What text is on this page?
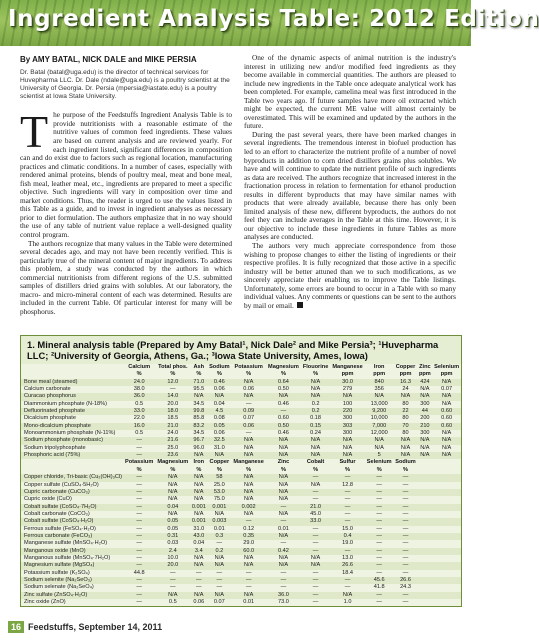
Ingredient Analysis Table: 2012 Edition
By AMY BATAL, NICK DALE and MIKE PERSIA
Dr. Batal (batal@uga.edu) is the director of technical services for Huvepharma LLC. Dr. Dale (ndale@uga.edu) is a poultry scientist at the University of Georgia. Dr. Persia (mpersia@iastate.edu) is a poultry scientist at Iowa State University.

The purpose of the Feedstuffs Ingredient Analysis Table is to provide nutritionists with a reasonable estimate of the nutritive values of common feed ingredients. These values are based on current analysis and are reviewed yearly. For each ingredient listed, significant differences in composition can and do exist due to factors such as regional location, manufacturing practices and climatic conditions. In a number of cases, especially with rendered animal proteins, blends of poultry meal, meat and bone meal, fish meal, leather meal, etc., ingredients are prepared to meet a specific objective. Such ingredients will vary in composition over time and market conditions. Thus, the reader is urged to use the values listed in this Table as a guide, and to invest in ingredient analyses as necessary prior to diet formulation. The authors emphasize that in no way should the use of any table of nutrient value replace a well-designed quality control program.

The authors recognize that many values in the Table were determined several decades ago, and may not have been recently verified. This is particularly true of the mineral content of major ingredients. To address this problem, a study was conducted by the authors in which commercial nutritionists from different regions of the U.S. submitted samples of distillers dried grains with solubles. At our laboratory, the macro- and micro-mineral content of each was determined. Results are included in the current Table. Of particular interest for many will be phosphorus.

One of the dynamic aspects of animal nutrition is the industry's interest in utilizing new and/or modified feed ingredients as they become available in commercial quantities. The authors are pleased to include new ingredients in the Table once adequate analytical work has been completed. For example, camelina meal was first introduced in the Table two years ago. If future samples have more oil extracted which might be expected, the current ME value will almost certainly be overestimated. This will be examined and updated by the authors in the future.

During the past several years, there have been marked changes in several ingredients. The tremendous interest in biofuel production has led to an effort to characterize the nutrient profile of a number of novel byproducts in addition to corn dried distillers grains plus solubles. We have and will continue to update the nutrient profile of such ingredients as data are received. The authors recognize that increased interest in the fractionation process in relation to fermentation for ethanol production results in different byproducts that may have similar names with products that were already available, because there has only been limited analysis of these new, different byproducts, the authors do not feel they can include averages in the Table at this time. However, it is our objective to include these ingredients in future Tables as more analyses are conducted.

The authors very much appreciate correspondence from those wishing to propose changes to either the listing of ingredients or their respective profiles. It is fully recognized that those active in a specific industry will be better attuned than we to such modifications, as we sincerely appreciate their enabling us to improve the Table listings. Unfortunately, some errors are bound to occur in a Table with so many individual values. Any comments or questions can be sent to the authors by mail or email.

1. Mineral analysis table (Prepared by Amy Batal¹, Nick Dale² and Mike Persia³; ¹Huvepharma LLC; ²University of Georgia, Athens, Ga.; ³Iowa State University, Ames, Iowa)
	Calcium	Total phos.	Ash	Sodium	Potassium	Magnesium	Flouorine	Manganese	Iron	Copper	Zinc	Selenium
	%	%	%	%	%	%	%	ppm	ppm	ppm	ppm	ppm
Bone meal (steamed)	24.0	12.0	71.0	0.46	N/A	0.64	N/A	30.0	840	16.3	424	N/A
Calcium carbonate	38.0	—	95.5	0.06	0.06	0.50	N/A	279	356	24	N/A	0.07
Curacao phosphorus	36.0	14.0	N/A	N/A	N/A	N/A	N/A	N/A	N/A	N/A	N/A	N/A
Diammonium phosphate (N-18%)	0.5	20.0	34.5	0.04	—	0.46	0.2	100	13,000	80	300	N/A
Defluorinated phosphate	33.0	18.0	99.8	4.5	0.09	—	0.2	220	9,200	22	44	0.60
Dicalcium phosphate	22.0	18.5	85.8	0.08	0.07	0.60	0.18	300	10,000	80	200	0.60
Mono-dicalcium phosphate	16.0	21.0	83.2	0.05	0.06	0.50	0.15	303	7,000	70	210	0.60
Monoammonium phosphate (N-11%)	0.5	24.0	34.5	0.06	—	0.46	0.24	300	12,000	80	300	N/A
Sodium phosphate (monobasic)	—	21.6	96.7	32.5	N/A	N/A	N/A	N/A	N/A	N/A	N/A	N/A
Sodium tripolyphosphate	—	25.0	96.0	31.0	N/A	N/A	N/A	N/A	N/A	N/A	N/A	N/A
Phosphoric acid (75%)	—	23.6	N/A	N/A	N/A	N/A	N/A	N/A	5	N/A	N/A	N/A
	Potassium	Magnesium	Iron	Copper	Manganese	Zinc	Cobalt	Sulfur	Selenium	Sodium		
	%	%	%	%	%	%	%	%	%	%		
Copper chloride, Tri-basic (Cu₂(OH)₃Cl)	—	N/A	N/A	58	N/A	N/A	—	—	—	—		
Copper sulfate (CuSO₄·5H₂O)	—	N/A	N/A	25.0	N/A	N/A	N/A	12.8	—	—		
Cupric carbonate (CuCO₃)	—	N/A	N/A	53.0	N/A	N/A	—	—	—	—		
Cupric oxide (CuO)	—	N/A	N/A	75.0	N/A	N/A	—	—	—	—		
Cobalt sulfate (CoSO₄·7H₂O)	—	0.04	0.001	0.001	0.002	—	21.0	—	—	—		
Cobalt carbonate (CoCO₃)	—	N/A	N/A	N/A	N/A	N/A	45.0	—	—	—		
Cobalt sulfate (CoSO₄·H₂O)	—	0.05	0.001	0.003	—	—	33.0	—	—	—		
Ferrous sulfate (FeSO₄·H₂O)	—	0.05	31.0	0.01	0.12	0.01	—	15.0	—	—		
Ferrous carbonate (FeCO₃)	—	0.31	43.0	0.3	0.35	N/A	—	0.4	—	—		
Manganese sulfate (MnSO₄·H₂O)	—	0.03	0.04	—	29.0	—	—	19.0	—	—		
Manganous oxide (MnO)	—	2.4	3.4	0.2	60.0	0.42	—	—	—	—		
Manganous sulfate (MnSO₄·7H₂O)	—	10.0	N/A	N/A	N/A	N/A	N/A	13.0	—	—		
Magnesium sulfate (MgSO₄)	—	20.0	N/A	N/A	N/A	N/A	N/A	26.6	—	—		
Potassium sulfate (K₂SO₄)	44.8	—	—	—	—	—	—	18.4	—	—		
Sodium selenite (Na₂SeO₃)	—	—	—	—	—	—	—	—	45.6	26.6		
Sodium selenate (Na₂SeO₄)	—	—	—	—	—	—	—	—	41.8	24.3		
Zinc sulfate (ZnSO₄·H₂O)	—	N/A	N/A	N/A	N/A	36.0	—	N/A	—	—		
Zinc oxide (ZnO)	—	0.5	0.06	0.07	0.01	73.0	—	1.0	—	—		
16 Feedstuffs, September 14, 2011
